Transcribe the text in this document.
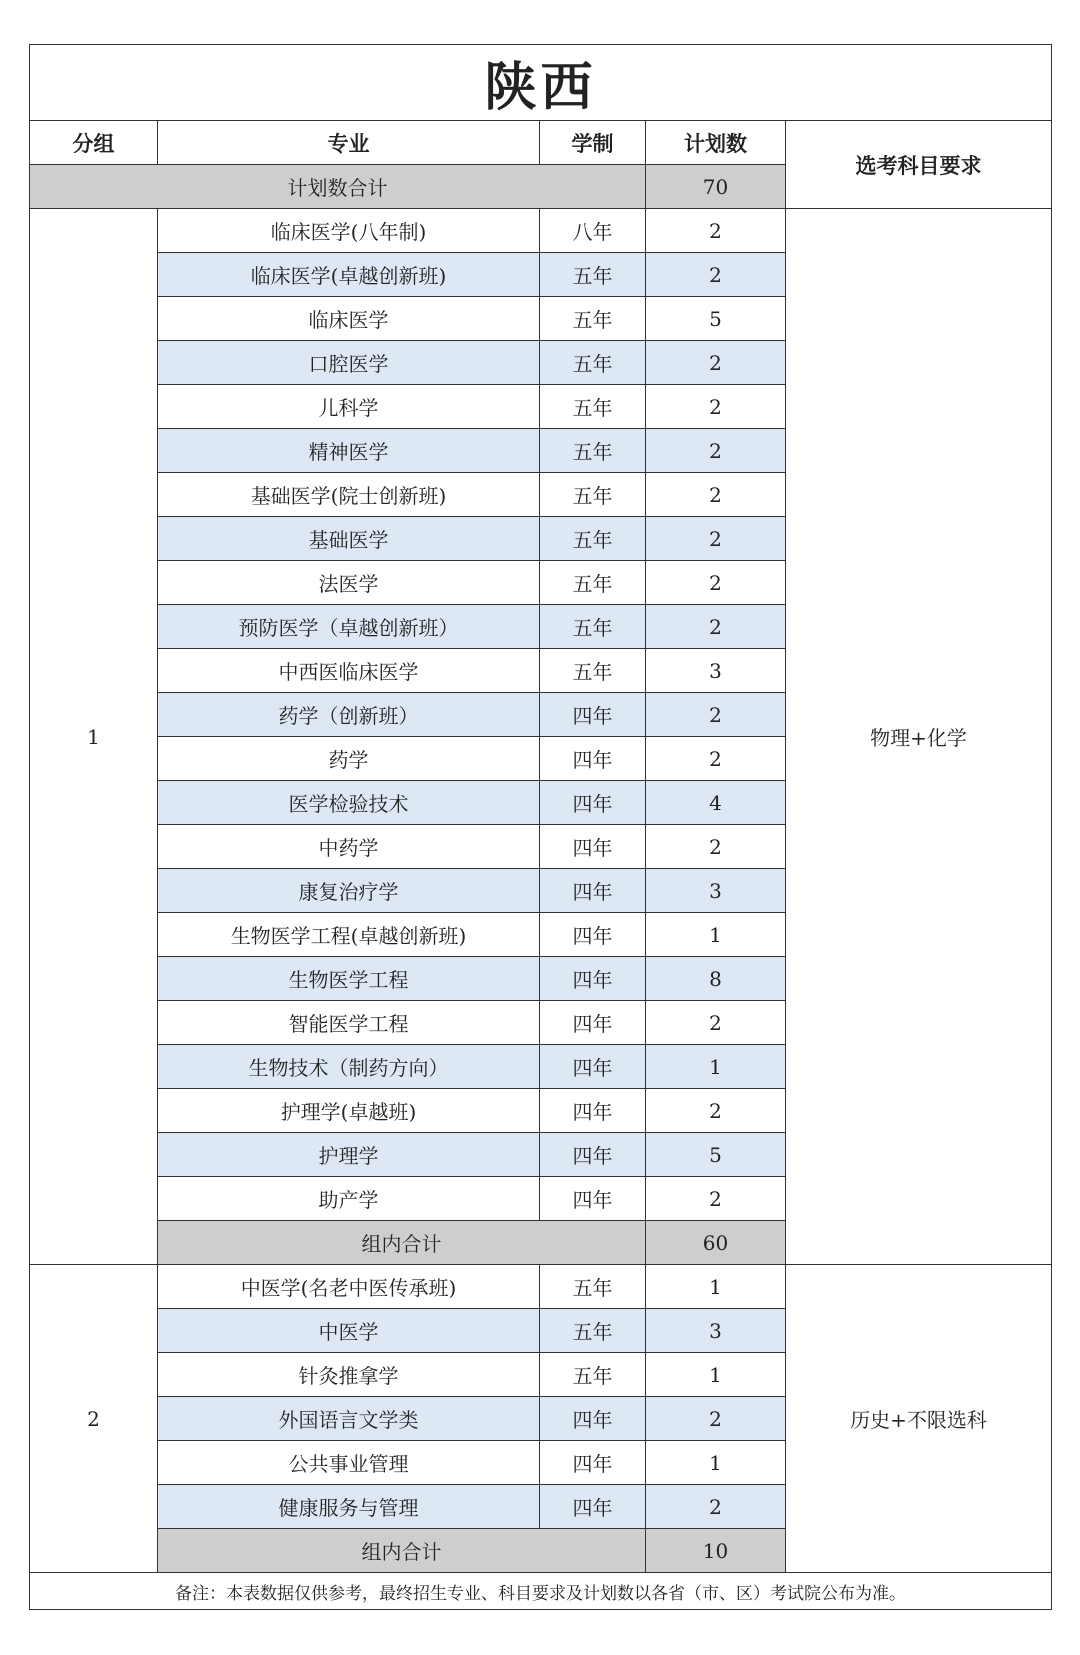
陕西				
分组	专业	学制	计划数	选考科目要求
计划数合计			70	
1	临床医学(八年制)	八年	2	物理+化学
	临床医学(卓越创新班)	五年	2	
	临床医学	五年	5	
	口腔医学	五年	2	
	儿科学	五年	2	
	精神医学	五年	2	
	基础医学(院士创新班)	五年	2	
	基础医学	五年	2	
	法医学	五年	2	
	预防医学（卓越创新班）	五年	2	
	中西医临床医学	五年	3	
	药学（创新班）	四年	2	
	药学	四年	2	
	医学检验技术	四年	4	
	中药学	四年	2	
	康复治疗学	四年	3	
	生物医学工程(卓越创新班)	四年	1	
	生物医学工程	四年	8	
	智能医学工程	四年	2	
	生物技术（制药方向）	四年	1	
	护理学(卓越班)	四年	2	
	护理学	四年	5	
	助产学	四年	2	
	组内合计		60	
2	中医学(名老中医传承班)	五年	1	历史+不限选科
	中医学	五年	3	
	针灸推拿学	五年	1	
	外国语言文学类	四年	2	
	公共事业管理	四年	1	
	健康服务与管理	四年	2	
	组内合计		10	
备注：本表数据仅供参考，最终招生专业、科目要求及计划数以各省（市、区）考试院公布为准。				
